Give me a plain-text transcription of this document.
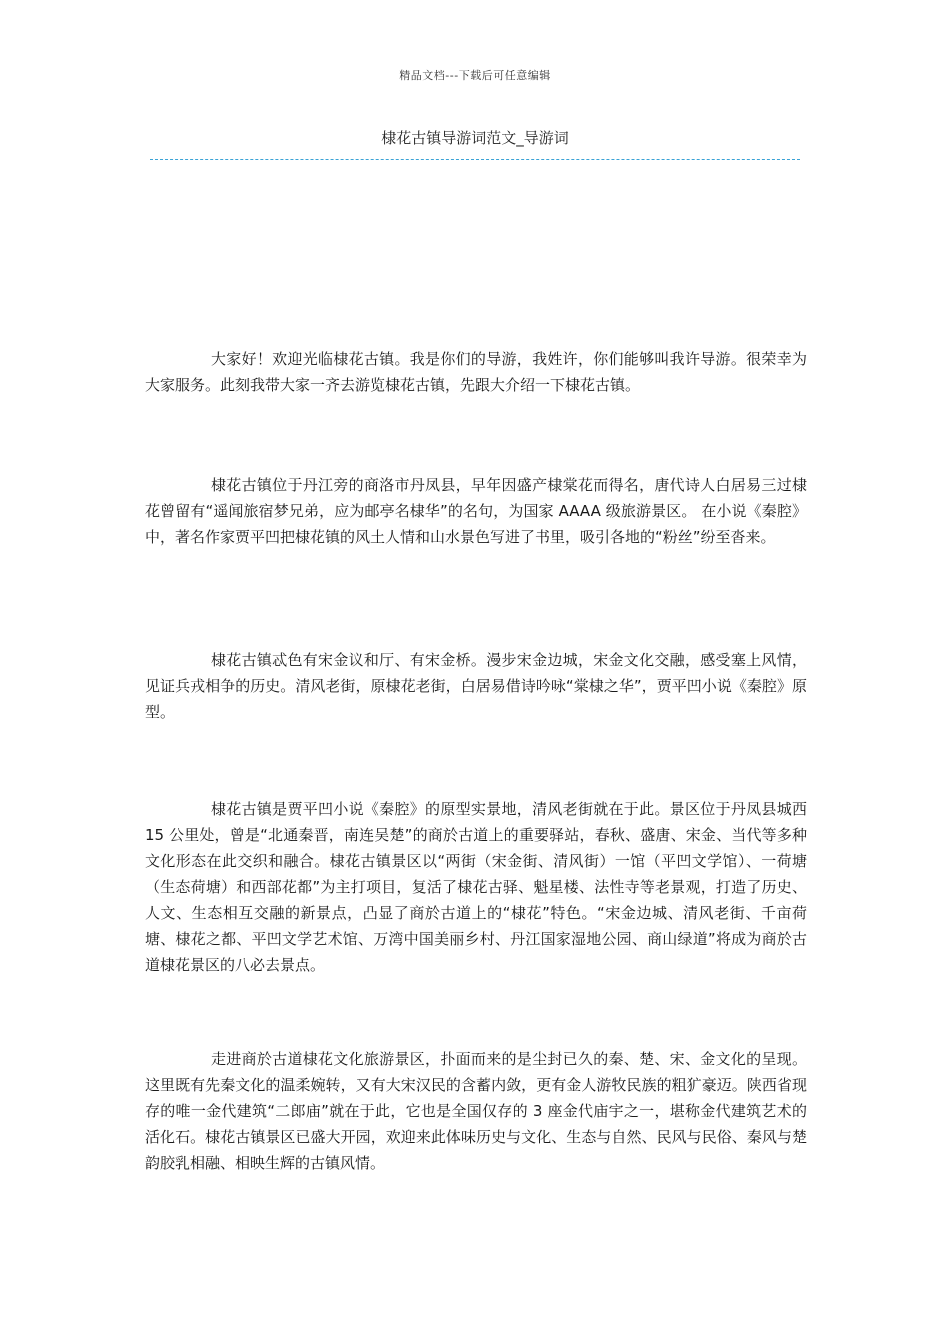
精品文档---下载后可任意编辑
棣花古镇导游词范文_导游词

大家好！欢迎光临棣花古镇。我是你们的导游，我姓许，你们能够叫我许导游。很荣幸为大家服务。此刻我带大家一齐去游览棣花古镇，先跟大介绍一下棣花古镇。

棣花古镇位于丹江旁的商洛市丹凤县，早年因盛产棣棠花而得名，唐代诗人白居易三过棣花曾留有“遥闻旅宿梦兄弟，应为邮亭名棣华”的名句，为国家 AAAA 级旅游景区。 在小说《秦腔》中，著名作家贾平凹把棣花镇的风土人情和山水景色写进了书里，吸引各地的“粉丝”纷至沓来。

棣花古镇忒色有宋金议和厅、有宋金桥。漫步宋金边城，宋金文化交融，感受塞上风情，见证兵戎相争的历史。清风老街，原棣花老街，白居易借诗吟咏“棠棣之华”，贾平凹小说《秦腔》原型。

棣花古镇是贾平凹小说《秦腔》的原型实景地，清风老街就在于此。景区位于丹凤县城西 15 公里处，曾是“北通秦晋，南连吴楚”的商於古道上的重要驿站，春秋、盛唐、宋金、当代等多种文化形态在此交织和融合。棣花古镇景区以“两街（宋金街、清风街）一馆（平凹文学馆）、一荷塘（生态荷塘）和西部花都”为主打项目，复活了棣花古驿、魁星楼、法性寺等老景观，打造了历史、人文、生态相互交融的新景点，凸显了商於古道上的“棣花”特色。“宋金边城、清风老街、千亩荷塘、棣花之都、平凹文学艺术馆、万湾中国美丽乡村、丹江国家湿地公园、商山绿道”将成为商於古道棣花景区的八必去景点。

走进商於古道棣花文化旅游景区，扑面而来的是尘封已久的秦、楚、宋、金文化的呈现。这里既有先秦文化的温柔婉转，又有大宋汉民的含蓄内敛，更有金人游牧民族的粗犷豪迈。陕西省现存的唯一金代建筑“二郎庙”就在于此，它也是全国仅存的 3 座金代庙宇之一，堪称金代建筑艺术的活化石。棣花古镇景区已盛大开园，欢迎来此体味历史与文化、生态与自然、民风与民俗、秦风与楚韵胶乳相融、相映生辉的古镇风情。
